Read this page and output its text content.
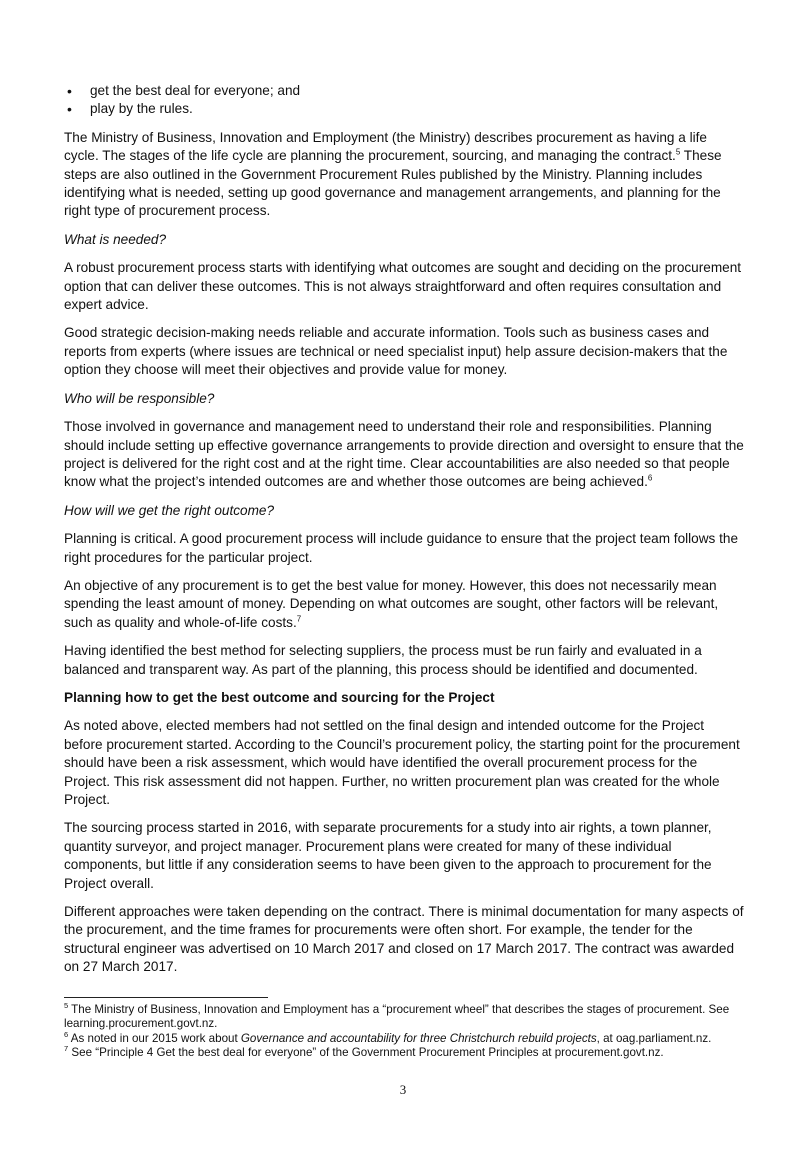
• get the best deal for everyone; and
• play by the rules.

The Ministry of Business, Innovation and Employment (the Ministry) describes procurement as having a life cycle. The stages of the life cycle are planning the procurement, sourcing, and managing the contract.$^5$ These steps are also outlined in the Government Procurement Rules published by the Ministry. Planning includes identifying what is needed, setting up good governance and management arrangements, and planning for the right type of procurement process.

What is needed?

A robust procurement process starts with identifying what outcomes are sought and deciding on the procurement option that can deliver these outcomes. This is not always straightforward and often requires consultation and expert advice.

Good strategic decision-making needs reliable and accurate information. Tools such as business cases and reports from experts (where issues are technical or need specialist input) help assure decision-makers that the option they choose will meet their objectives and provide value for money.

Who will be responsible?

Those involved in governance and management need to understand their role and responsibilities. Planning should include setting up effective governance arrangements to provide direction and oversight to ensure that the project is delivered for the right cost and at the right time. Clear accountabilities are also needed so that people know what the project’s intended outcomes are and whether those outcomes are being achieved.$^6$

How will we get the right outcome?

Planning is critical. A good procurement process will include guidance to ensure that the project team follows the right procedures for the particular project.

An objective of any procurement is to get the best value for money. However, this does not necessarily mean spending the least amount of money. Depending on what outcomes are sought, other factors will be relevant, such as quality and whole-of-life costs.$^7$

Having identified the best method for selecting suppliers, the process must be run fairly and evaluated in a balanced and transparent way. As part of the planning, this process should be identified and documented.

Planning how to get the best outcome and sourcing for the Project

As noted above, elected members had not settled on the final design and intended outcome for the Project before procurement started. According to the Council’s procurement policy, the starting point for the procurement should have been a risk assessment, which would have identified the overall procurement process for the Project. This risk assessment did not happen. Further, no written procurement plan was created for the whole Project.

The sourcing process started in 2016, with separate procurements for a study into air rights, a town planner, quantity surveyor, and project manager. Procurement plans were created for many of these individual components, but little if any consideration seems to have been given to the approach to procurement for the Project overall.

Different approaches were taken depending on the contract. There is minimal documentation for many aspects of the procurement, and the time frames for procurements were often short. For example, the tender for the structural engineer was advertised on 10 March 2017 and closed on 17 March 2017. The contract was awarded on 27 March 2017.

$^5$ The Ministry of Business, Innovation and Employment has a “procurement wheel” that describes the stages of procurement. See learning.procurement.govt.nz.

$^6$ As noted in our 2015 work about Governance and accountability for three Christchurch rebuild projects, at oag.parliament.nz.

$^7$ See “Principle 4 Get the best deal for everyone” of the Government Procurement Principles at procurement.govt.nz.

3
